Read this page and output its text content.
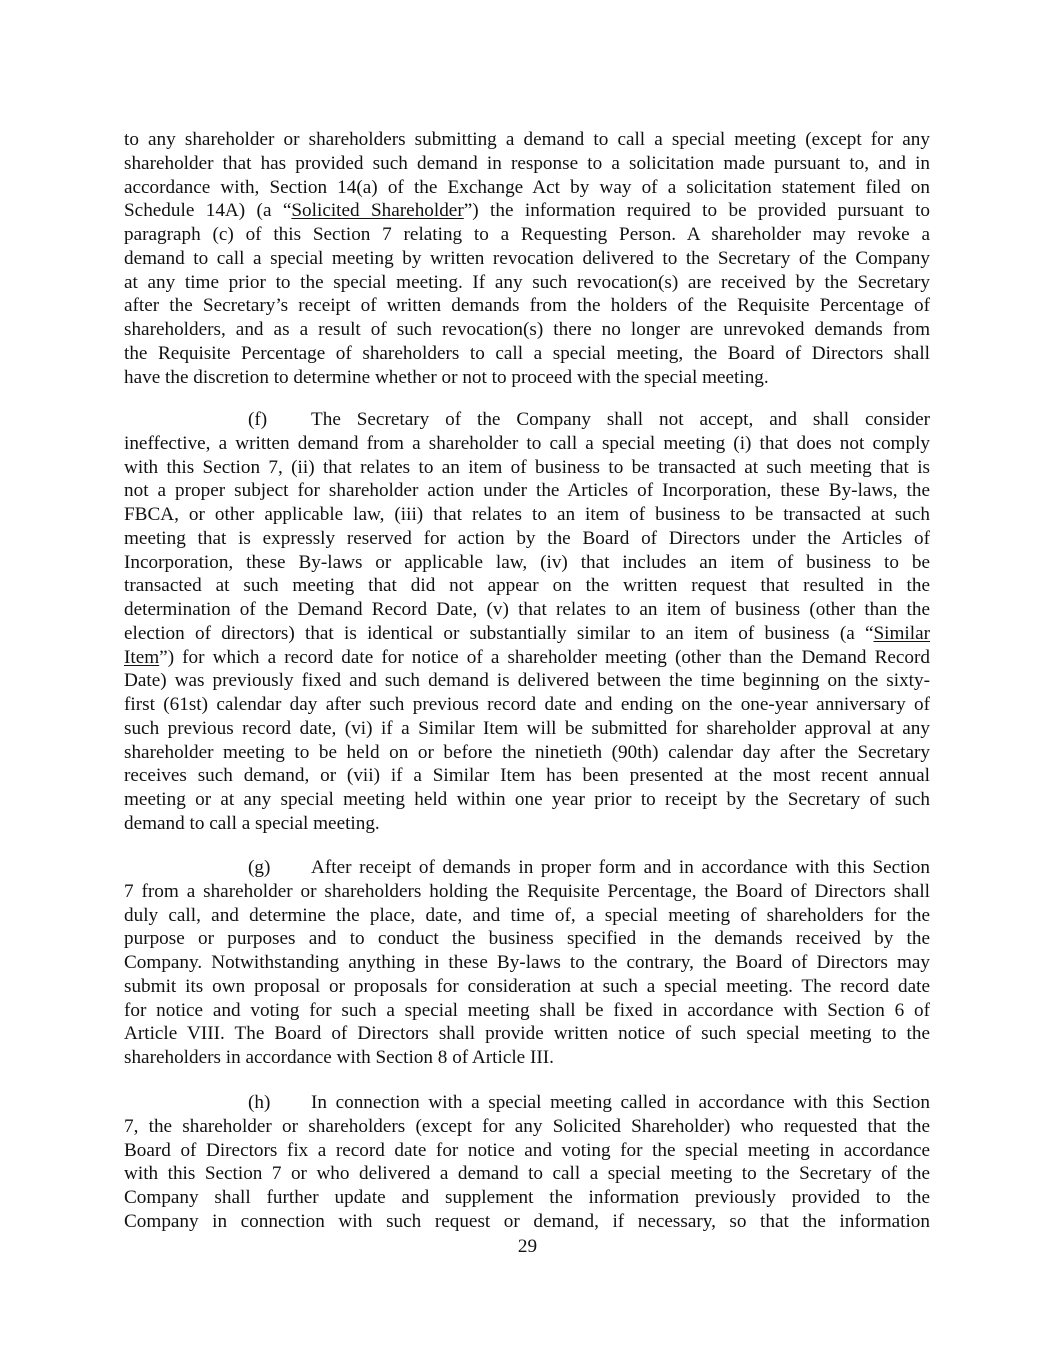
to any shareholder or shareholders submitting a demand to call a special meeting (except for any
shareholder that has provided such demand in response to a solicitation made pursuant to, and in
accordance with, Section 14(a) of the Exchange Act by way of a solicitation statement filed on
Schedule 14A) (a “Solicited Shareholder”) the information required to be provided pursuant to
paragraph (c) of this Section 7 relating to a Requesting Person. A shareholder may revoke a
demand to call a special meeting by written revocation delivered to the Secretary of the Company
at any time prior to the special meeting. If any such revocation(s) are received by the Secretary
after the Secretary’s receipt of written demands from the holders of the Requisite Percentage of
shareholders, and as a result of such revocation(s) there no longer are unrevoked demands from
the Requisite Percentage of shareholders to call a special meeting, the Board of Directors shall
have the discretion to determine whether or not to proceed with the special meeting.
(f) The Secretary of the Company shall not accept, and shall consider
ineffective, a written demand from a shareholder to call a special meeting (i) that does not comply
with this Section 7, (ii) that relates to an item of business to be transacted at such meeting that is
not a proper subject for shareholder action under the Articles of Incorporation, these By-laws, the
FBCA, or other applicable law, (iii) that relates to an item of business to be transacted at such
meeting that is expressly reserved for action by the Board of Directors under the Articles of
Incorporation, these By-laws or applicable law, (iv) that includes an item of business to be
transacted at such meeting that did not appear on the written request that resulted in the
determination of the Demand Record Date, (v) that relates to an item of business (other than the
election of directors) that is identical or substantially similar to an item of business (a “Similar
Item”) for which a record date for notice of a shareholder meeting (other than the Demand Record
Date) was previously fixed and such demand is delivered between the time beginning on the sixty-
first (61st) calendar day after such previous record date and ending on the one-year anniversary of
such previous record date, (vi) if a Similar Item will be submitted for shareholder approval at any
shareholder meeting to be held on or before the ninetieth (90th) calendar day after the Secretary
receives such demand, or (vii) if a Similar Item has been presented at the most recent annual
meeting or at any special meeting held within one year prior to receipt by the Secretary of such
demand to call a special meeting.
(g) After receipt of demands in proper form and in accordance with this Section
7 from a shareholder or shareholders holding the Requisite Percentage, the Board of Directors shall
duly call, and determine the place, date, and time of, a special meeting of shareholders for the
purpose or purposes and to conduct the business specified in the demands received by the
Company. Notwithstanding anything in these By-laws to the contrary, the Board of Directors may
submit its own proposal or proposals for consideration at such a special meeting. The record date
for notice and voting for such a special meeting shall be fixed in accordance with Section 6 of
Article VIII. The Board of Directors shall provide written notice of such special meeting to the
shareholders in accordance with Section 8 of Article III.
(h) In connection with a special meeting called in accordance with this Section
7, the shareholder or shareholders (except for any Solicited Shareholder) who requested that the
Board of Directors fix a record date for notice and voting for the special meeting in accordance
with this Section 7 or who delivered a demand to call a special meeting to the Secretary of the
Company shall further update and supplement the information previously provided to the
Company in connection with such request or demand, if necessary, so that the information
29
